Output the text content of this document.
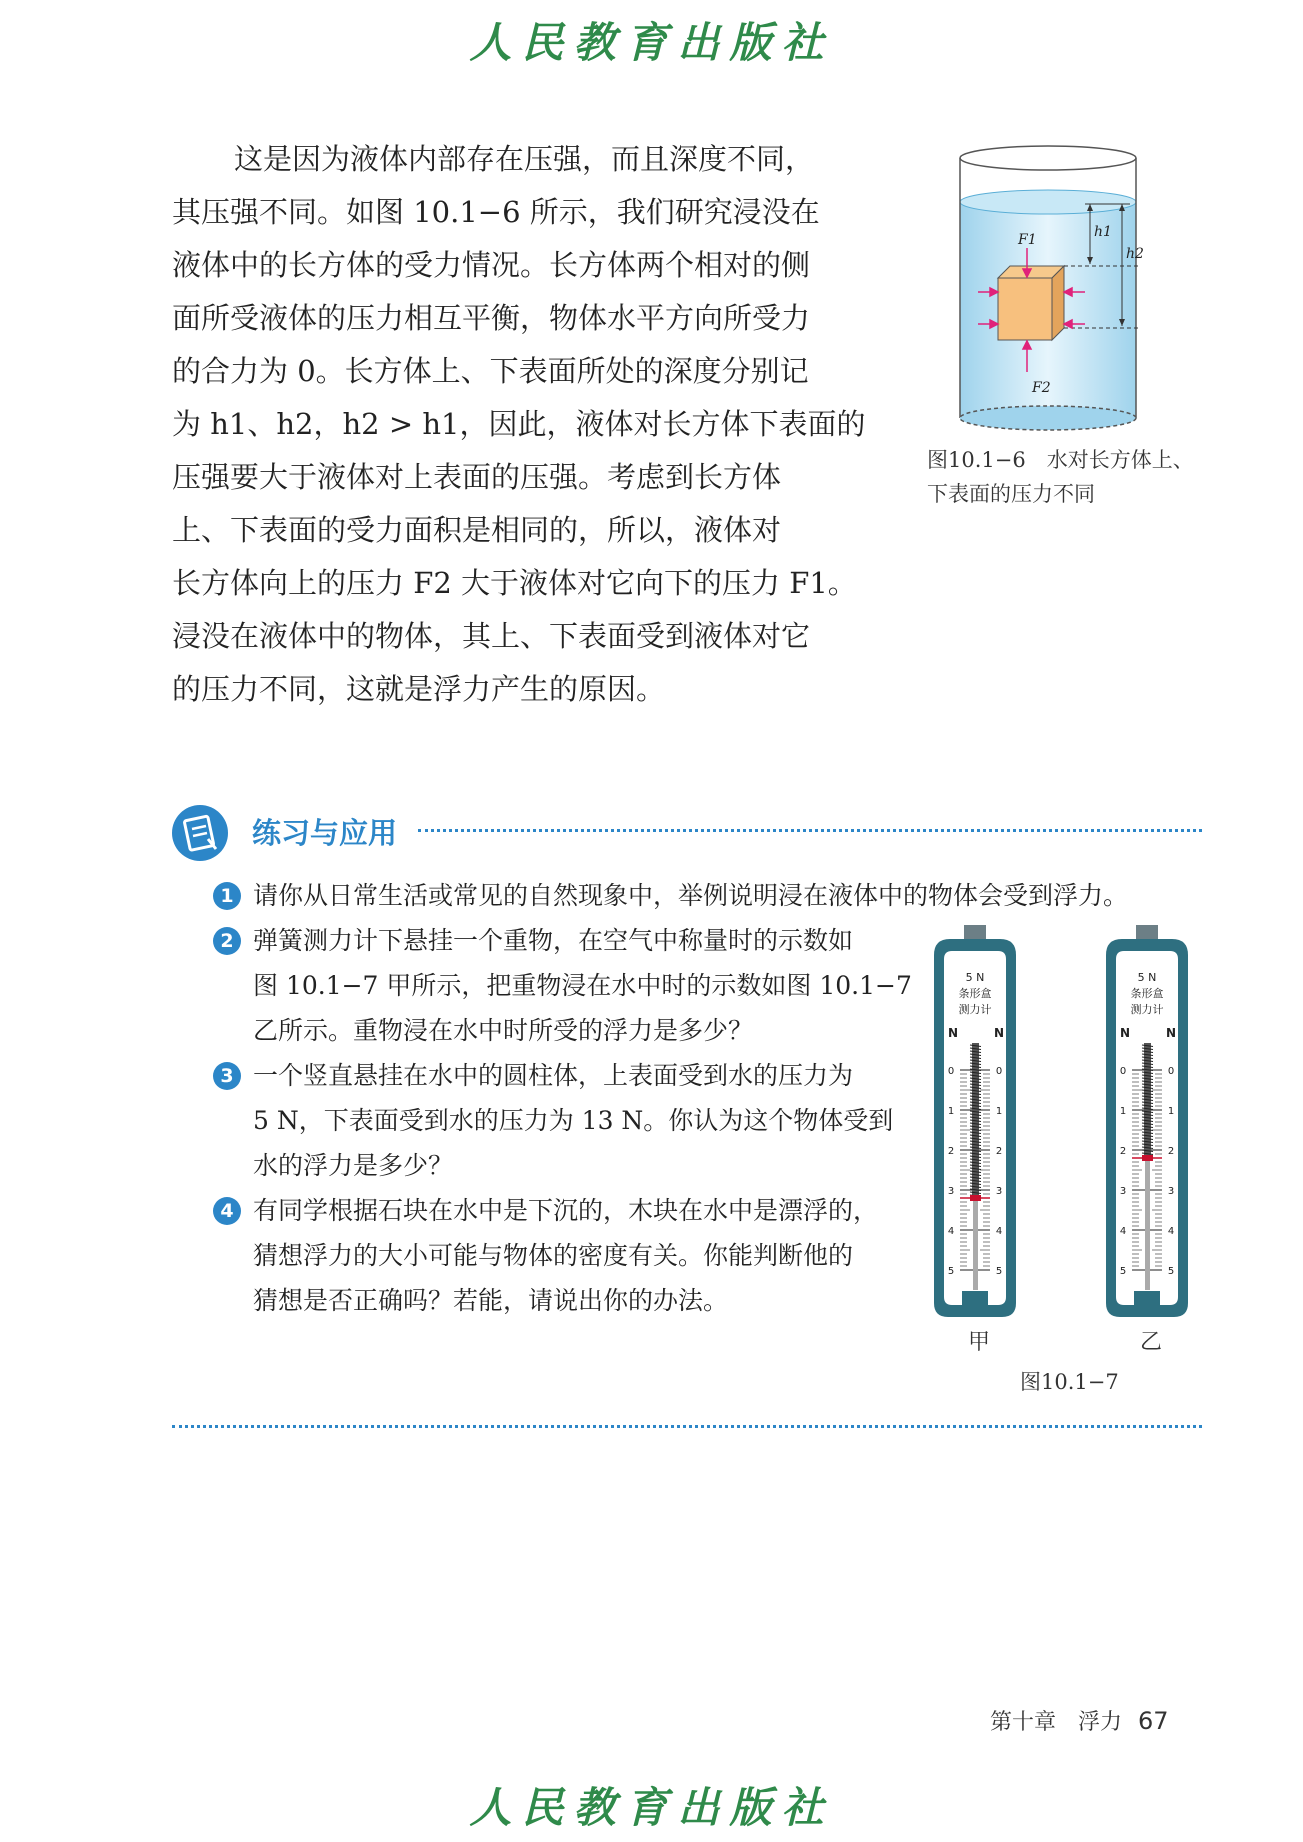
人民教育出版社

这是因为液体内部存在压强，而且深度不同，

其压强不同。如图 10.1−6 所示，我们研究浸没在

液体中的长方体的受力情况。长方体两个相对的侧

面所受液体的压力相互平衡，物体水平方向所受力

的合力为 0。长方体上、下表面所处的深度分别记

为 h1、h2，h2 > h1，因此，液体对长方体下表面的

压强要大于液体对上表面的压强。考虑到长方体

上、下表面的受力面积是相同的，所以，液体对

长方体向上的压力 F2 大于液体对它向下的压力 F1。

浸没在液体中的物体，其上、下表面受到液体对它

的压力不同，这就是浮力产生的原因。

h1
h2
F1
F2
图10.1−6　水对长方体上、
下表面的压力不同
练习与应用
1 请你从日常生活或常见的自然现象中，举例说明浸在液体中的物体会受到浮力。
2 弹簧测力计下悬挂一个重物，在空气中称量时的示数如
图 10.1−7 甲所示，把重物浸在水中时的示数如图 10.1−7
乙所示。重物浸在水中时所受的浮力是多少？
3 一个竖直悬挂在水中的圆柱体，上表面受到水的压力为
5 N，下表面受到水的压力为 13 N。你认为这个物体受到
水的浮力是多少？
4 有同学根据石块在水中是下沉的，木块在水中是漂浮的，
猜想浮力的大小可能与物体的密度有关。你能判断他的
猜想是否正确吗？若能，请说出你的办法。
5 N
条形盒
测力计
N	N
0	0
1	1
2	2
3	3
4	4
5	5
5 N
条形盒
测力计
N	N
0	0
1	1
2	2
3	3
4	4
5	5
甲	乙
图10.1−7
第十章　浮力 67
人民教育出版社
